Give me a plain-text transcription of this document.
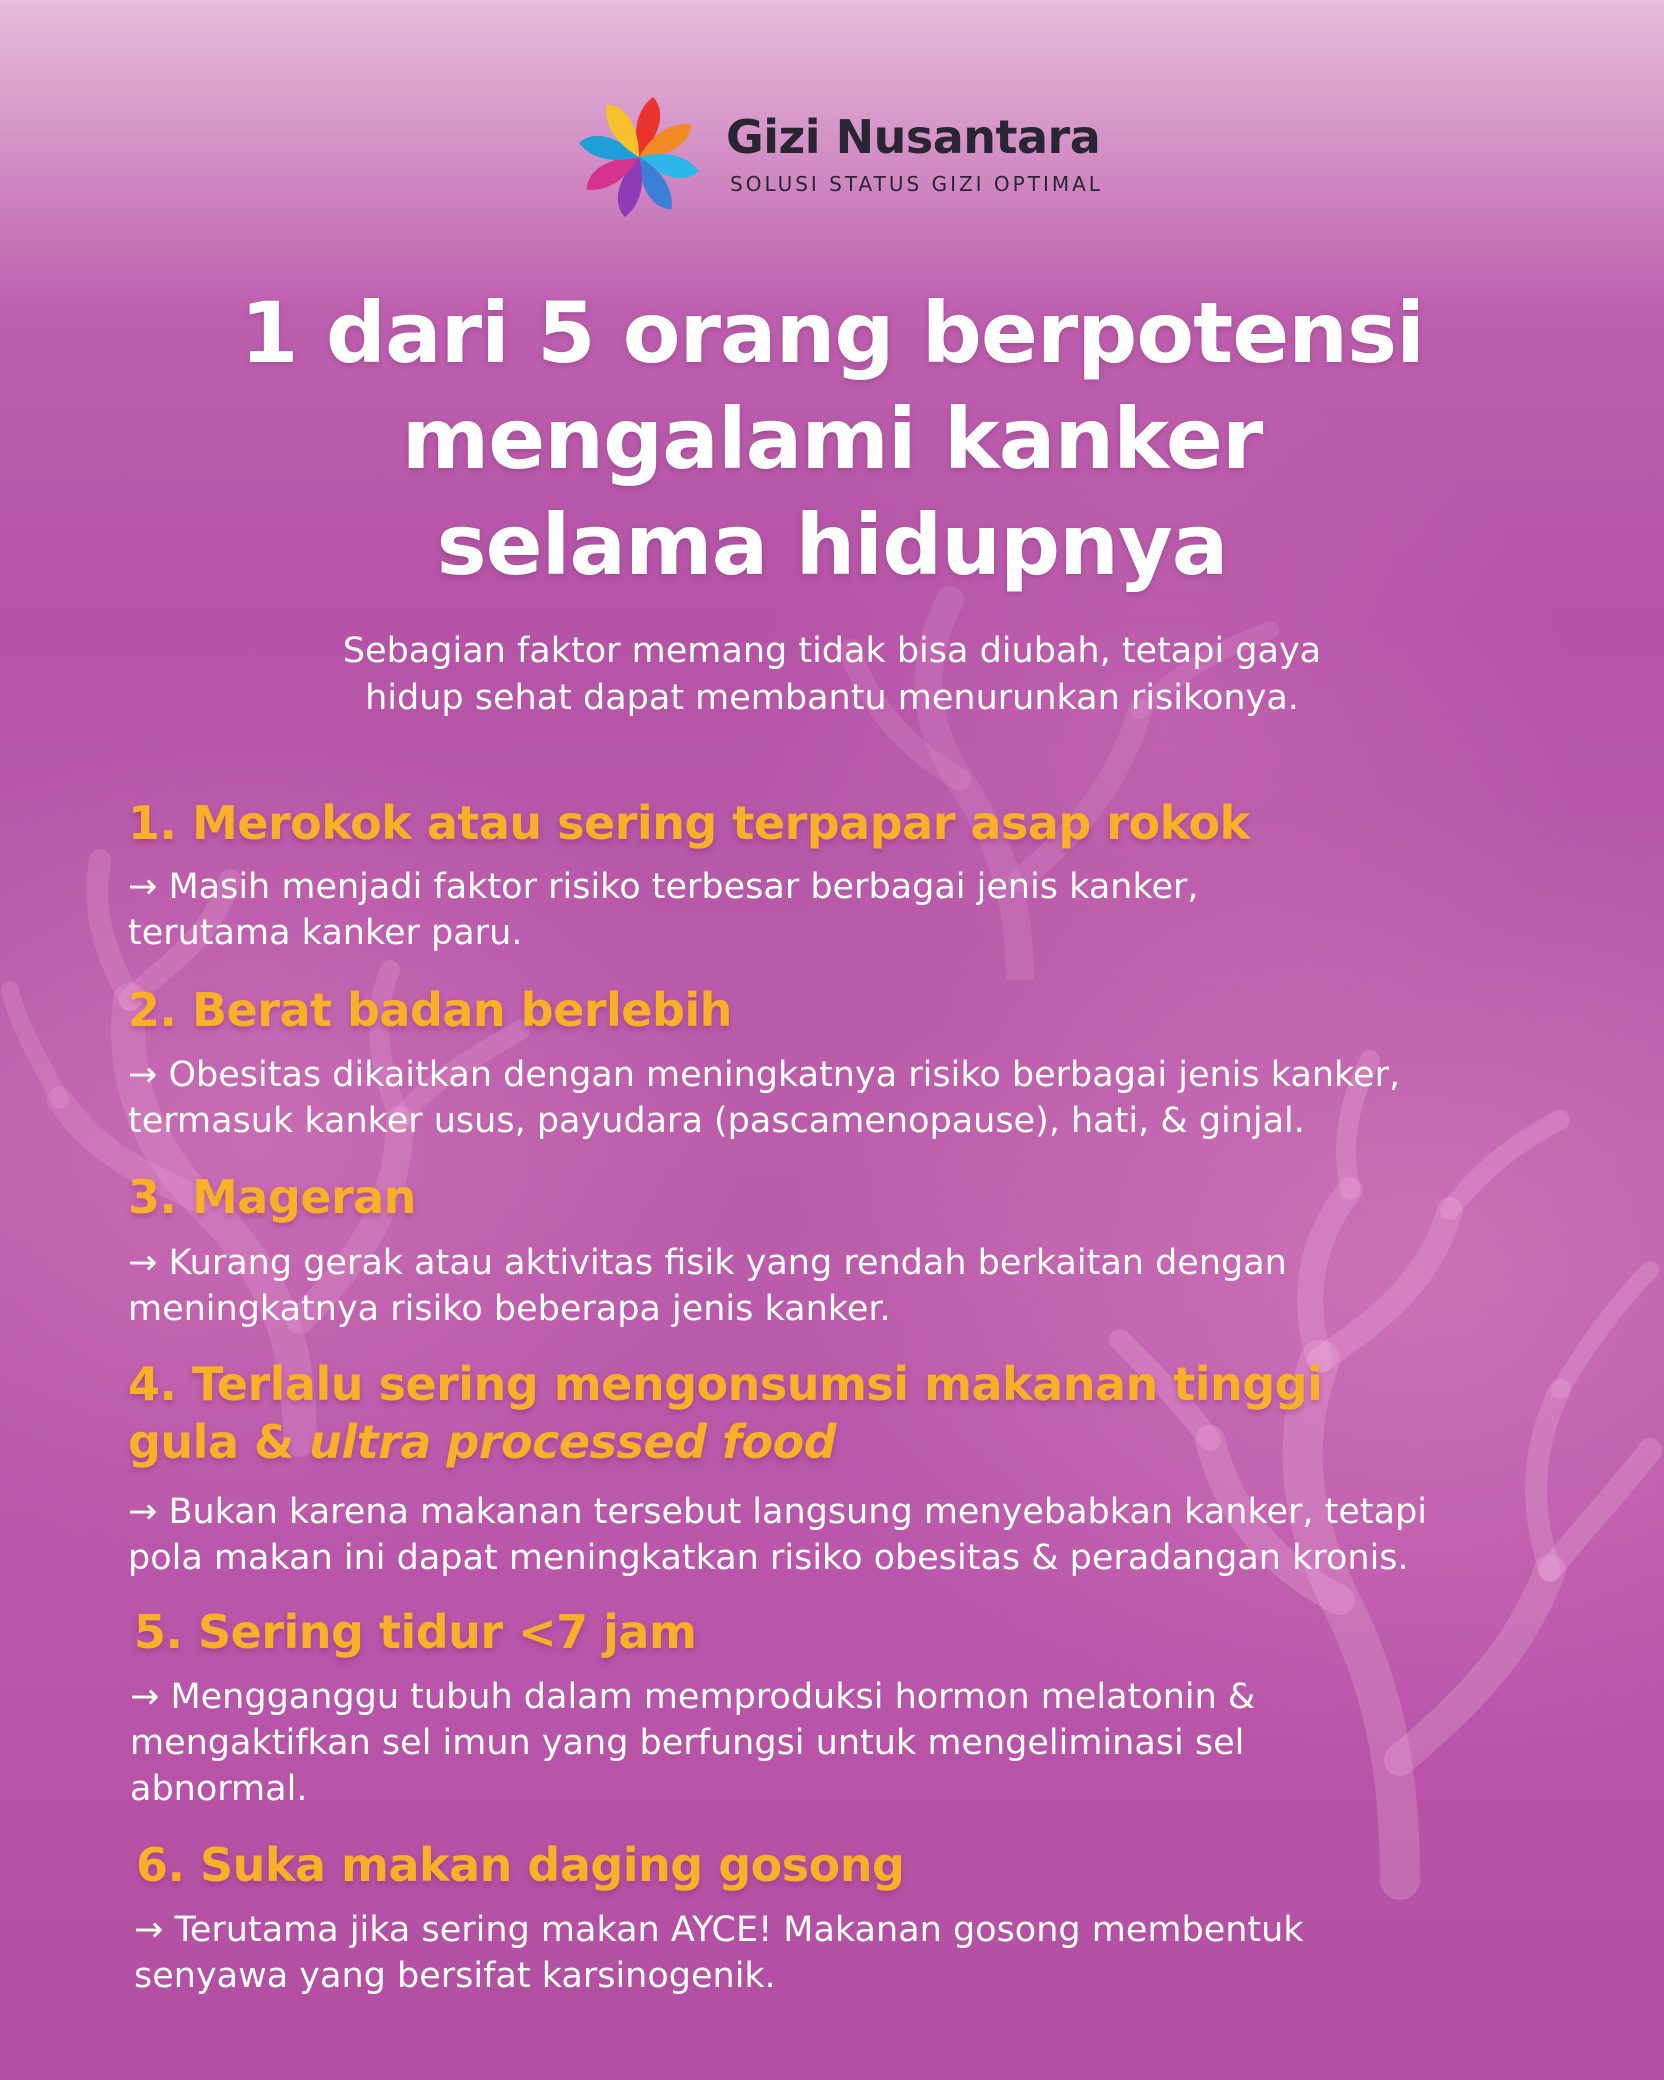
Gizi Nusantara
SOLUSI STATUS GIZI OPTIMAL
1 dari 5 orang berpotensi
mengalami kanker
selama hidupnya
Sebagian faktor memang tidak bisa diubah, tetapi gaya
hidup sehat dapat membantu menurunkan risikonya.
1. Merokok atau sering terpapar asap rokok
→ Masih menjadi faktor risiko terbesar berbagai jenis kanker,
terutama kanker paru.
2. Berat badan berlebih
→ Obesitas dikaitkan dengan meningkatnya risiko berbagai jenis kanker,
termasuk kanker usus, payudara (pascamenopause), hati, & ginjal.
3. Mageran
→ Kurang gerak atau aktivitas fisik yang rendah berkaitan dengan
meningkatnya risiko beberapa jenis kanker.
4. Terlalu sering mengonsumsi makanan tinggi
gula & ultra processed food
→ Bukan karena makanan tersebut langsung menyebabkan kanker, tetapi
pola makan ini dapat meningkatkan risiko obesitas & peradangan kronis.
5. Sering tidur <7 jam
→ Mengganggu tubuh dalam memproduksi hormon melatonin &
mengaktifkan sel imun yang berfungsi untuk mengeliminasi sel
abnormal.
6. Suka makan daging gosong
→ Terutama jika sering makan AYCE! Makanan gosong membentuk
senyawa yang bersifat karsinogenik.
